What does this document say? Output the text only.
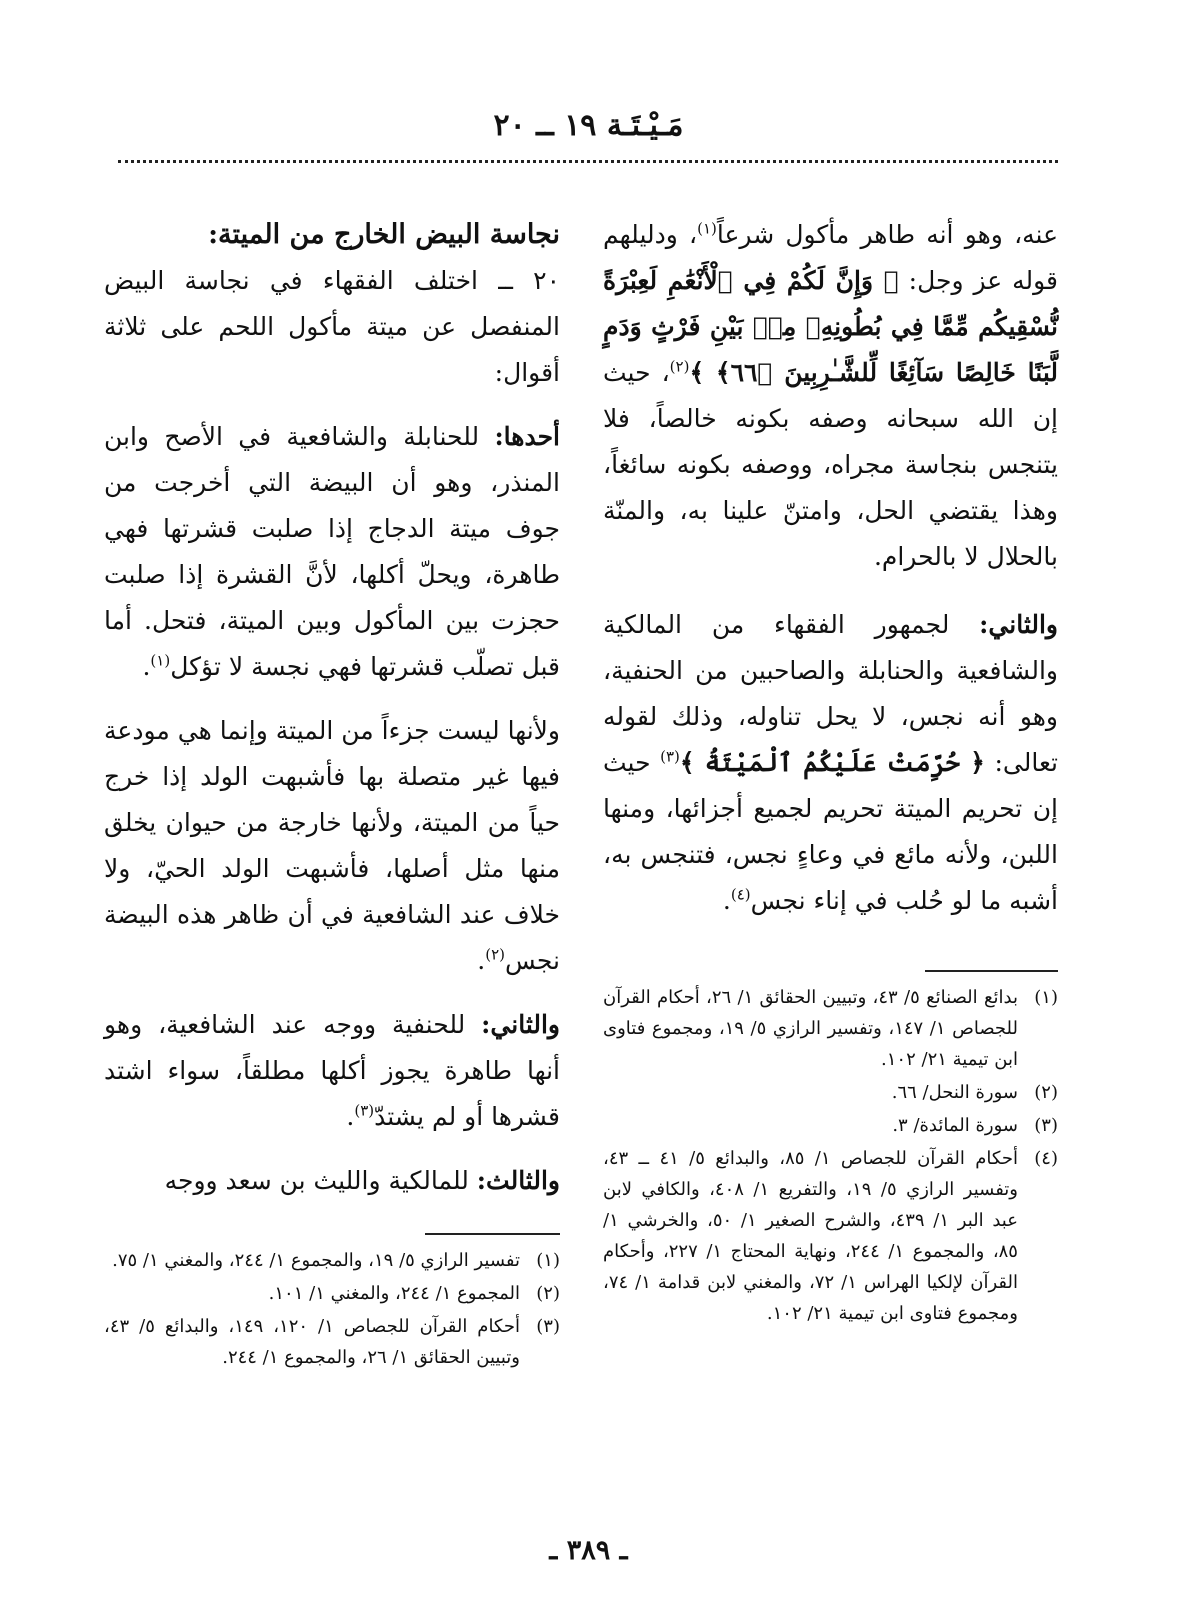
مَـيْـتَـة ١٩ ــ ٢٠

عنه، وهو أنه طاهر مأكول شرعاً$^{(١)}$، ودليلهم قوله عز وجل: ﴿ وَإِنَّ لَكُمْ فِي ٱلْأَنْعَٰمِ لَعِبْرَةً نُّسْقِيكُم مِّمَّا فِي بُطُونِهِۦ مِنۢ بَيْنِ فَرْثٍ وَدَمٍ لَّبَنًا خَالِصًا سَآئِغًا لِّلشَّـٰرِبِينَ ﴿٦٦﴾ ﴾$^{(٢)}$، حيث إن الله سبحانه وصفه بكونه خالصاً، فلا يتنجس بنجاسة مجراه، ووصفه بكونه سائغاً، وهذا يقتضي الحل، وامتنّ علينا به، والمنّة بالحلال لا بالحرام.

والثاني: لجمهور الفقهاء من المالكية والشافعية والحنابلة والصاحبين من الحنفية، وهو أنه نجس، لا يحل تناوله، وذلك لقوله تعالى: ﴿ حُرِّمَتْ عَلَيْكُمُ ٱلْمَيْتَةُ ﴾$^{(٣)}$ حيث إن تحريم الميتة تحريم لجميع أجزائها، ومنها اللبن، ولأنه مائع في وعاءٍ نجس، فتنجس به، أشبه ما لو حُلب في إناء نجس$^{(٤)}$.

(١)
بدائع الصنائع ٥/ ٤٣، وتبيين الحقائق ١/ ٢٦، أحكام القرآن للجصاص ١/ ١٤٧، وتفسير الرازي ٥/ ١٩، ومجموع فتاوى ابن تيمية ٢١/ ١٠٢.
(٢)
سورة النحل/ ٦٦.
(٣)
سورة المائدة/ ٣.
(٤)
أحكام القرآن للجصاص ١/ ٨٥، والبدائع ٥/ ٤١ ــ ٤٣، وتفسير الرازي ٥/ ١٩، والتفريع ١/ ٤٠٨، والكافي لابن عبد البر ١/ ٤٣٩، والشرح الصغير ١/ ٥٠، والخرشي ١/ ٨٥، والمجموع ١/ ٢٤٤، ونهاية المحتاج ١/ ٢٢٧، وأحكام القرآن لإلكيا الهراس ١/ ٧٢، والمغني لابن قدامة ١/ ٧٤، ومجموع فتاوى ابن تيمية ٢١/ ١٠٢.

نجاسة البيض الخارج من الميتة:

٢٠ ــ اختلف الفقهاء في نجاسة البيض المنفصل عن ميتة مأكول اللحم على ثلاثة أقوال:

أحدها: للحنابلة والشافعية في الأصح وابن المنذر، وهو أن البيضة التي أخرجت من جوف ميتة الدجاج إذا صلبت قشرتها فهي طاهرة، ويحلّ أكلها، لأنَّ القشرة إذا صلبت حجزت بين المأكول وبين الميتة، فتحل. أما قبل تصلّب قشرتها فهي نجسة لا تؤكل$^{(١)}$.

ولأنها ليست جزءاً من الميتة وإنما هي مودعة فيها غير متصلة بها فأشبهت الولد إذا خرج حياً من الميتة، ولأنها خارجة من حيوان يخلق منها مثل أصلها، فأشبهت الولد الحيّ، ولا خلاف عند الشافعية في أن ظاهر هذه البيضة نجس$^{(٢)}$.

والثاني: للحنفية ووجه عند الشافعية، وهو أنها طاهرة يجوز أكلها مطلقاً، سواء اشتد قشرها أو لم يشتدّ$^{(٣)}$.

والثالث: للمالكية والليث بن سعد ووجه

(١)
تفسير الرازي ٥/ ١٩، والمجموع ١/ ٢٤٤، والمغني ١/ ٧٥.
(٢)
المجموع ١/ ٢٤٤، والمغني ١/ ١٠١.
(٣)
أحكام القرآن للجصاص ١/ ١٢٠، ١٤٩، والبدائع ٥/ ٤٣، وتبيين الحقائق ١/ ٢٦، والمجموع ١/ ٢٤٤.
ـ ٣٨٩ ـ
